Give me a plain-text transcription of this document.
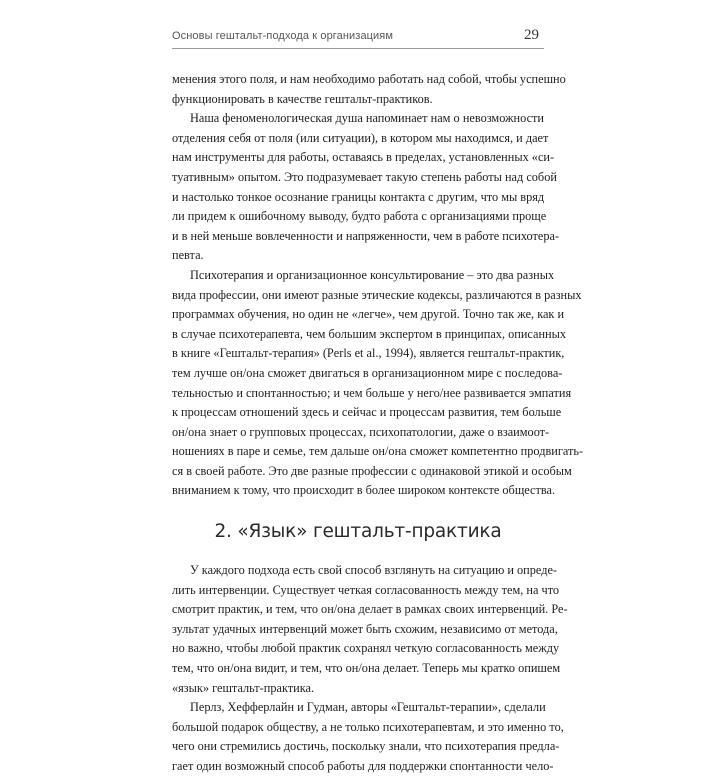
Основы гештальт-подхода к организациям	29
менения этого поля, и нам необходимо работать над собой, чтобы успешно
функционировать в качестве гештальт-практиков.
Наша феноменологическая душа напоминает нам о невозможности
отделения себя от поля (или ситуации), в котором мы находимся, и дает
нам инструменты для работы, оставаясь в пределах, установленных «си-
туативным» опытом. Это подразумевает такую степень работы над собой
и настолько тонкое осознание границы контакта с другим, что мы вряд
ли придем к ошибочному выводу, будто работа с организациями проще
и в ней меньше вовлеченности и напряженности, чем в работе психотера-
певта.
Психотерапия и организационное консультирование – это два разных
вида профессии, они имеют разные этические кодексы, различаются в разных
программах обучения, но один не «легче», чем другой. Точно так же, как и
в случае психотерапевта, чем большим экспертом в принципах, описанных
в книге «Гештальт-терапия» (Perls et al., 1994), является гештальт-практик,
тем лучше он/она сможет двигаться в организационном мире с последова-
тельностью и спонтанностью; и чем больше у него/нее развивается эмпатия
к процессам отношений здесь и сейчас и процессам развития, тем больше
он/она знает о групповых процессах, психопатологии, даже о взаимоот-
ношениях в паре и семье, тем дальше он/она сможет компетентно продвигать-
ся в своей работе. Это две разные профессии с одинаковой этикой и особым
вниманием к тому, что происходит в более широком контексте общества.
2. «Язык» гештальт-практика
У каждого подхода есть свой способ взглянуть на ситуацию и опреде-
лить интервенции. Существует четкая согласованность между тем, на что
смотрит практик, и тем, что он/она делает в рамках своих интервенций. Ре-
зультат удачных интервенций может быть схожим, независимо от метода,
но важно, чтобы любой практик сохранял четкую согласованность между
тем, что он/она видит, и тем, что он/она делает. Теперь мы кратко опишем
«язык» гештальт-практика.
Перлз, Хефферлайн и Гудман, авторы «Гештальт-терапии», сделали
большой подарок обществу, а не только психотерапевтам, и это именно то,
чего они стремились достичь, поскольку знали, что психотерапия предла-
гает один возможный способ работы для поддержки спонтанности чело-
